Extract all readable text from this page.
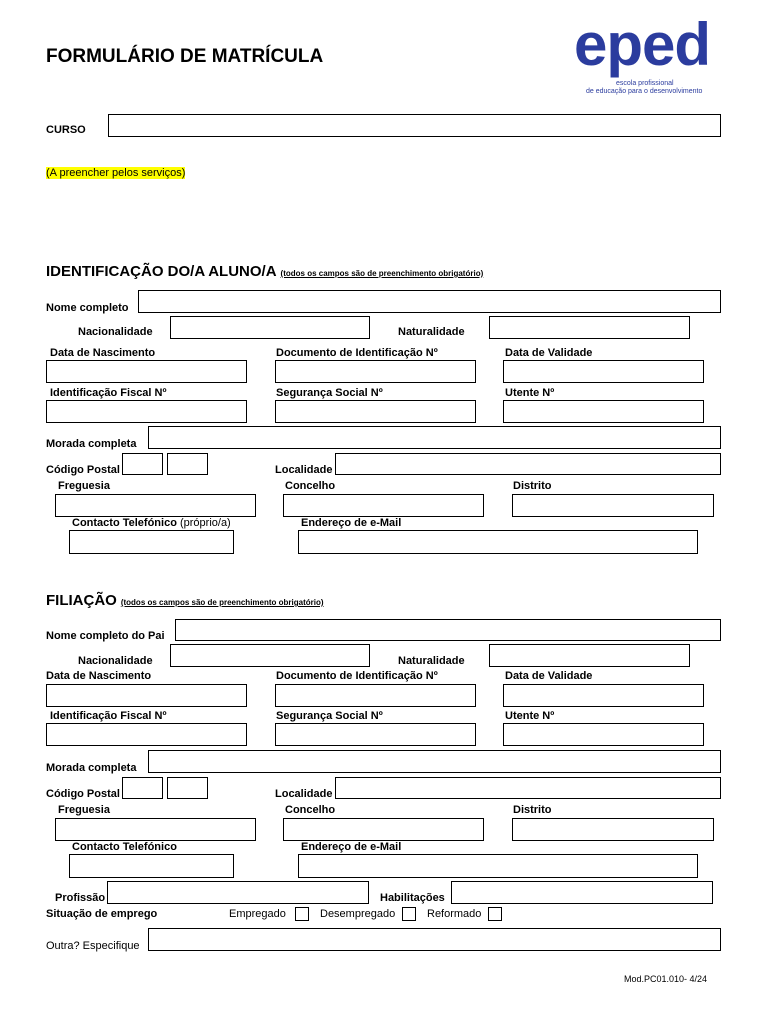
FORMULÁRIO DE MATRÍCULA	eped
escola profissional
de educação para o desenvolvimento
CURSO
(A preencher pelos serviços)
IDENTIFICAÇÃO DO/A ALUNO/A (todos os campos são de preenchimento obrigatório)
Nome completo
Nacionalidade	Naturalidade
Data de Nascimento	Documento de Identificação Nº	Data de Validade
Identificação Fiscal Nº	Segurança Social Nº	Utente Nº
Morada completa
Código Postal	Localidade
Freguesia	Concelho	Distrito
Contacto Telefónico (próprio/a)	Endereço de e-Mail
FILIAÇÃO (todos os campos são de preenchimento obrigatório)
Nome completo do Pai
Nacionalidade	Naturalidade
Data de Nascimento	Documento de Identificação Nº	Data de Validade
Identificação Fiscal Nº	Segurança Social Nº	Utente Nº
Morada completa
Código Postal	Localidade
Freguesia	Concelho	Distrito
Contacto Telefónico	Endereço de e-Mail
Profissão	Habilitações
Situação de emprego	Empregado	Desempregado	Reformado
Outra? Especifique
Mod.PC01.010- 4/24
